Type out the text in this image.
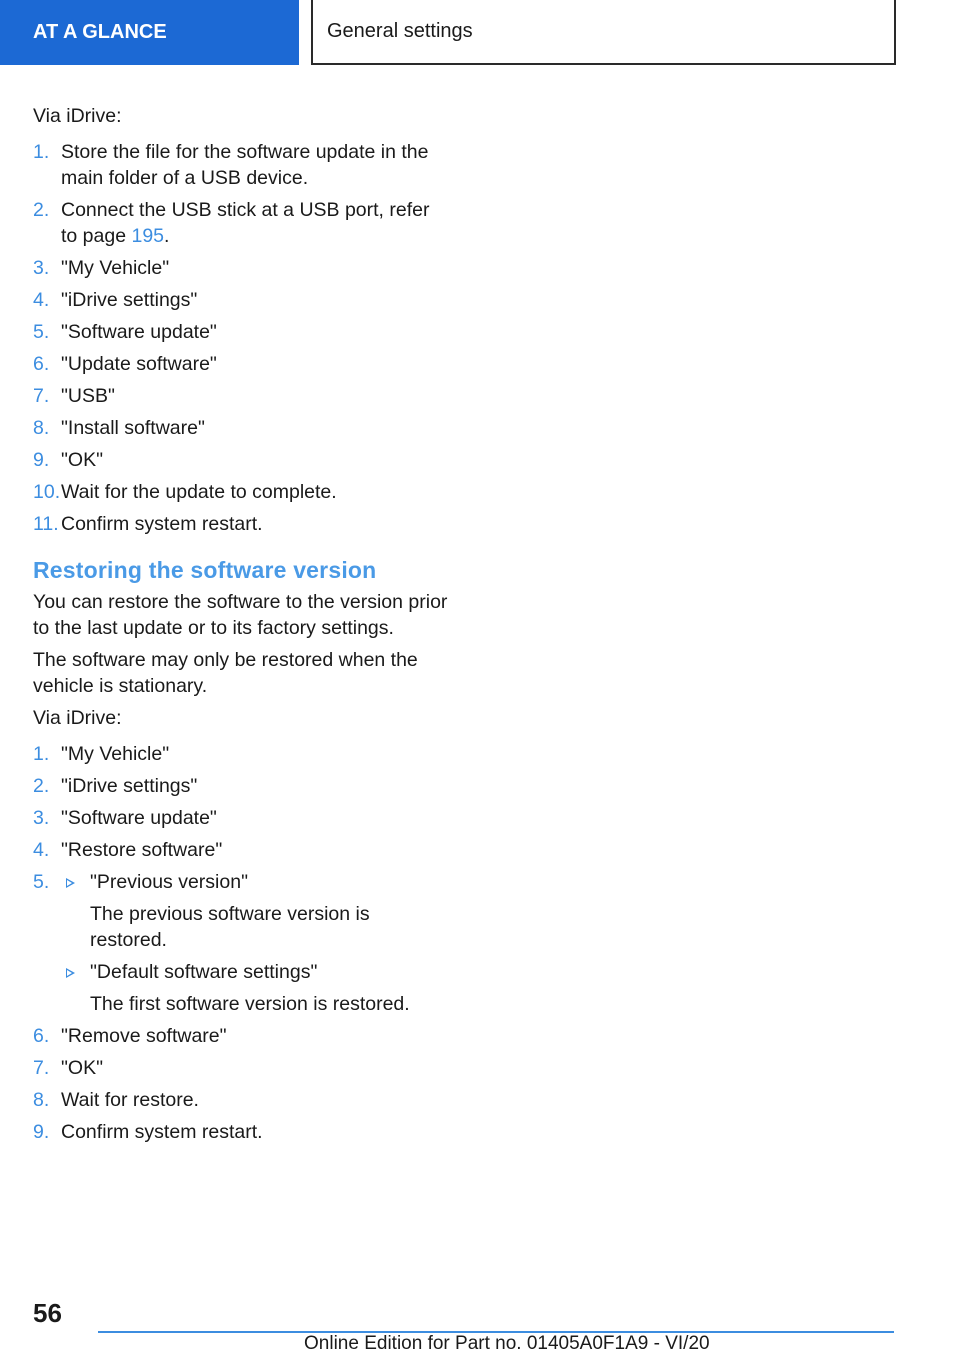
AT A GLANCE	General settings

Via iDrive:

1. Store the file for the software update in the main folder of a USB device.
2. Connect the USB stick at a USB port, refer to page 195.
3. "My Vehicle"
4. "iDrive settings"
5. "Software update"
6. "Update software"
7. "USB"
8. "Install software"
9. "OK"
10. Wait for the update to complete.
11. Confirm system restart.
Restoring the software version

You can restore the software to the version prior to the last update or to its factory settings.

The software may only be restored when the vehicle is stationary.

Via iDrive:

1. "My Vehicle"
2. "iDrive settings"
3. "Software update"
4. "Restore software"
5.	"Previous version"
The previous software version is restored.
"Default software settings"
The first software version is restored.
6. "Remove software"
7. "OK"
8. Wait for restore.
9. Confirm system restart.
56
Online Edition for Part no. 01405A0F1A9 - VI/20
